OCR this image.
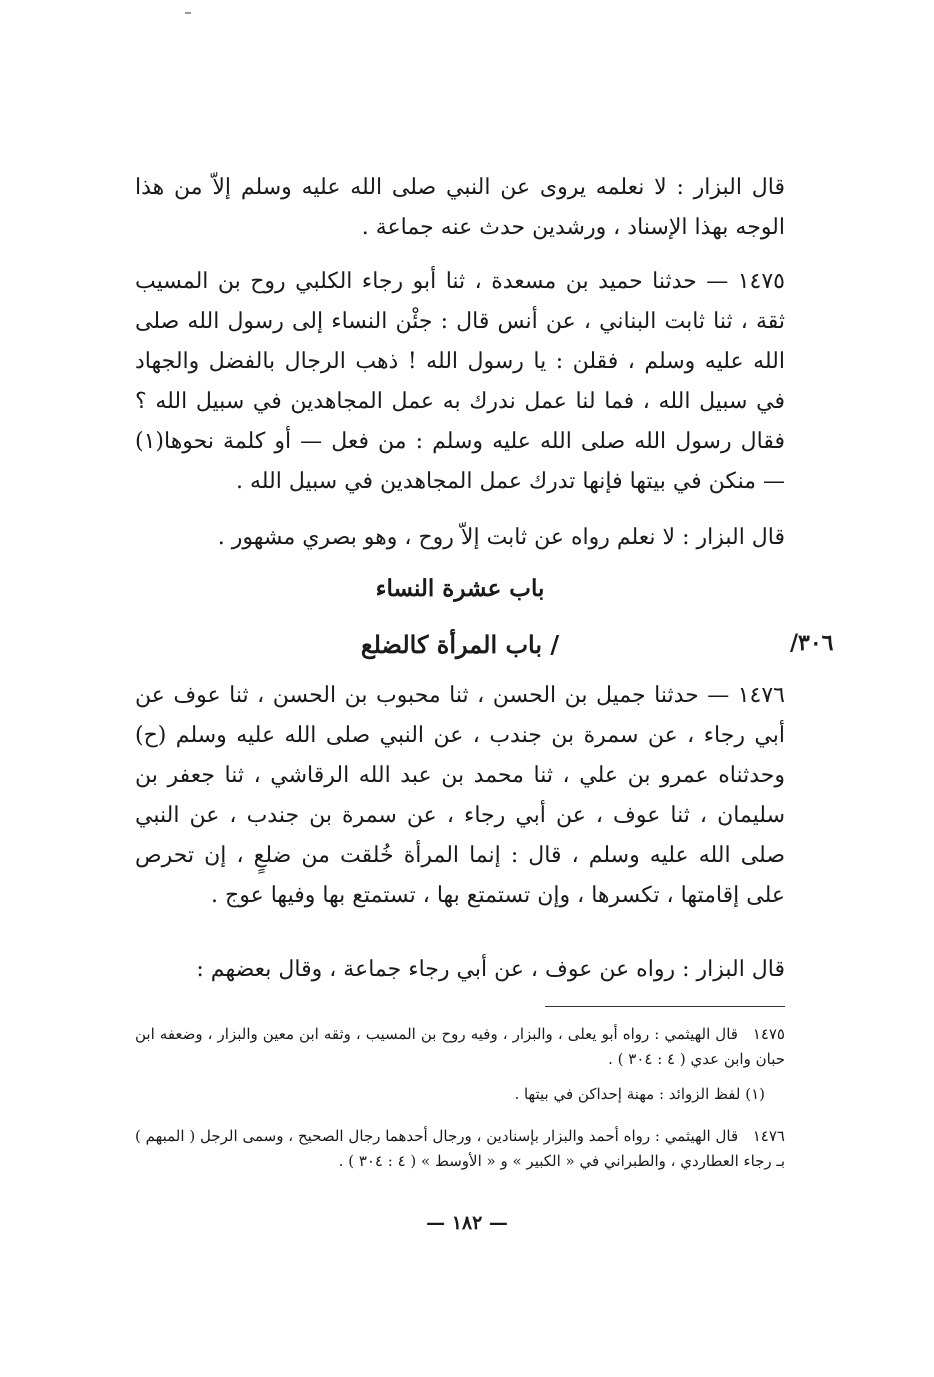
قال البزار : لا نعلمه يروى عن النبي صلى الله عليه وسلم إلاّ من هذا الوجه بهذا الإسناد ، ورشدين حدث عنه جماعة .

١٤٧٥ — حدثنا حميد بن مسعدة ، ثنا أبو رجاء الكلبي روح بن المسيب ثقة ، ثنا ثابت البناني ، عن أنس قال : جئْن النساء إلى رسول الله صلى الله عليه وسلم ، فقلن : يا رسول الله ! ذهب الرجال بالفضل والجهاد في سبيل الله ، فما لنا عمل ندرك به عمل المجاهدين في سبيل الله ؟ فقال رسول الله صلى الله عليه وسلم : من فعل — أو كلمة نحوها(١) — منكن في بيتها فإنها تدرك عمل المجاهدين في سبيل الله .

قال البزار : لا نعلم رواه عن ثابت إلاّ روح ، وهو بصري مشهور .

باب عشرة النساء
/ باب المرأة كالضلع	٣٠٦/

١٤٧٦ — حدثنا جميل بن الحسن ، ثنا محبوب بن الحسن ، ثنا عوف عن أبي رجاء ، عن سمرة بن جندب ، عن النبي صلى الله عليه وسلم (ح) وحدثناه عمرو بن علي ، ثنا محمد بن عبد الله الرقاشي ، ثنا جعفر بن سليمان ، ثنا عوف ، عن أبي رجاء ، عن سمرة بن جندب ، عن النبي صلى الله عليه وسلم ، قال : إنما المرأة خُلقت من ضلعٍ ، إن تحرص على إقامتها ، تكسرها ، وإن تستمتع بها ، تستمتع بها وفيها عوج .

قال البزار : رواه عن عوف ، عن أبي رجاء جماعة ، وقال بعضهم :

١٤٧٥ قال الهيثمي : رواه أبو يعلى ، والبزار ، وفيه روح بن المسيب ، وثقه ابن معين والبزار ، وضعفه ابن حبان وابن عدي ( ٤ : ٣٠٤ ) .
(١) لفظ الزوائد : مهنة إحداكن في بيتها .
١٤٧٦ قال الهيثمي : رواه أحمد والبزار بإسنادين ، ورجال أحدهما رجال الصحيح ، وسمى الرجل ( المبهم ) بـ رجاء العطاردي ، والطبراني في « الكبير » و « الأوسط » ( ٤ : ٣٠٤ ) .
— ١٨٢ —
